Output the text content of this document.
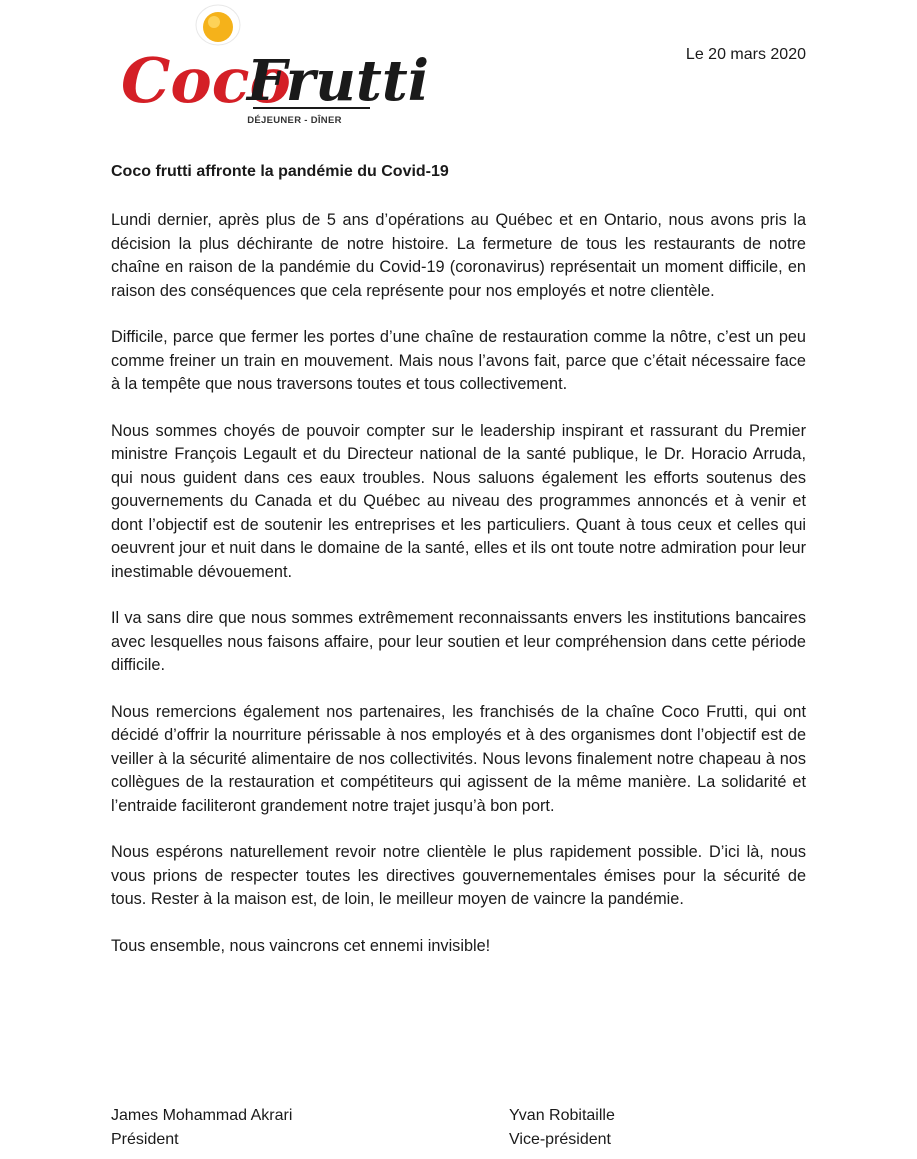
Coco
Frutti
DÉJEUNER - DÎNER
Le 20 mars 2020
Coco frutti affronte la pandémie du Covid-19

Lundi dernier, après plus de 5 ans d’opérations au Québec et en Ontario, nous avons pris la décision la plus déchirante de notre histoire. La fermeture de tous les restaurants de notre chaîne en raison de la pandémie du Covid-19 (coronavirus) représentait un moment difficile, en raison des conséquences que cela représente pour nos employés et notre clientèle.

Difficile, parce que fermer les portes d’une chaîne de restauration comme la nôtre, c’est un peu comme freiner un train en mouvement. Mais nous l’avons fait, parce que c’était nécessaire face à la tempête que nous traversons toutes et tous collectivement.

Nous sommes choyés de pouvoir compter sur le leadership inspirant et rassurant du Premier ministre François Legault et du Directeur national de la santé publique, le Dr. Horacio Arruda, qui nous guident dans ces eaux troubles. Nous saluons également les efforts soutenus des gouvernements du Canada et du Québec au niveau des programmes annoncés et à venir et dont l’objectif est de soutenir les entreprises et les particuliers. Quant à tous ceux et celles qui oeuvrent jour et nuit dans le domaine de la santé, elles et ils ont toute notre admiration pour leur inestimable dévouement.

Il va sans dire que nous sommes extrêmement reconnaissants envers les institutions bancaires avec lesquelles nous faisons affaire, pour leur soutien et leur compréhension dans cette période difficile.

Nous remercions également nos partenaires, les franchisés de la chaîne Coco Frutti, qui ont décidé d’offrir la nourriture périssable à nos employés et à des organismes dont l’objectif est de veiller à la sécurité alimentaire de nos collectivités. Nous levons finalement notre chapeau à nos collègues de la restauration et compétiteurs qui agissent de la même manière. La solidarité et l’entraide faciliteront grandement notre trajet jusqu’à bon port.

Nous espérons naturellement revoir notre clientèle le plus rapidement possible. D’ici là, nous vous prions de respecter toutes les directives gouvernementales émises pour la sécurité de tous. Rester à la maison est, de loin, le meilleur moyen de vaincre la pandémie.

Tous ensemble, nous vaincrons cet ennemi invisible!

James Mohammad Akrari
Président
Yvan Robitaille
Vice-président
